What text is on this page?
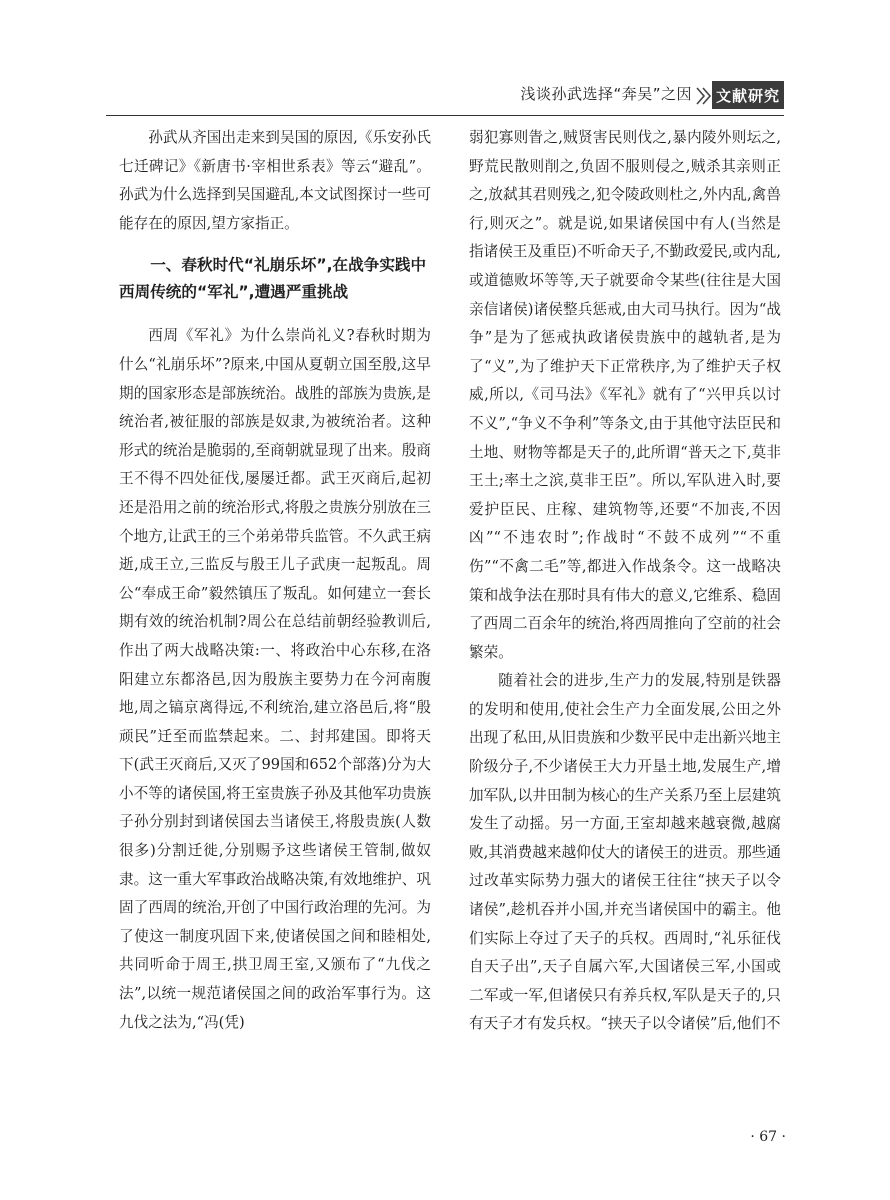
浅谈孙武选择“奔吴”之因 文献研究

孙武从齐国出走来到吴国的原因,《乐安孙氏七迁碑记》《新唐书·宰相世系表》等云“避乱”。孙武为什么选择到吴国避乱,本文试图探讨一些可能存在的原因,望方家指正。

一、春秋时代“礼崩乐坏”,在战争实践中西周传统的“军礼”,遭遇严重挑战

西周《军礼》为什么崇尚礼义?春秋时期为什么“礼崩乐坏”?原来,中国从夏朝立国至殷,这早期的国家形态是部族统治。战胜的部族为贵族,是统治者,被征服的部族是奴隶,为被统治者。这种形式的统治是脆弱的,至商朝就显现了出来。殷商王不得不四处征伐,屡屡迁都。武王灭商后,起初还是沿用之前的统治形式,将殷之贵族分别放在三个地方,让武王的三个弟弟带兵监管。不久武王病逝,成王立,三监反与殷王儿子武庚一起叛乱。周公“奉成王命”毅然镇压了叛乱。如何建立一套长期有效的统治机制?周公在总结前朝经验教训后,作出了两大战略决策:一、将政治中心东移,在洛阳建立东都洛邑,因为殷族主要势力在今河南腹地,周之镐京离得远,不利统治,建立洛邑后,将“殷顽民”迁至而监禁起来。二、封邦建国。即将天下(武王灭商后,又灭了99国和652个部落)分为大小不等的诸侯国,将王室贵族子孙及其他军功贵族子孙分别封到诸侯国去当诸侯王,将殷贵族(人数很多)分割迁徙,分别赐予这些诸侯王管制,做奴隶。这一重大军事政治战略决策,有效地维护、巩固了西周的统治,开创了中国行政治理的先河。为了使这一制度巩固下来,使诸侯国之间和睦相处,共同听命于周王,拱卫周王室,又颁布了“九伐之法”,以统一规范诸侯国之间的政治军事行为。这九伐之法为,“冯(凭)

弱犯寡则眚之,贼贤害民则伐之,暴内陵外则坛之,野荒民散则削之,负固不服则侵之,贼杀其亲则正之,放弑其君则残之,犯令陵政则杜之,外内乱,禽兽行,则灭之”。就是说,如果诸侯国中有人(当然是指诸侯王及重臣)不听命天子,不勤政爱民,或内乱,或道德败坏等等,天子就要命令某些(往往是大国亲信诸侯)诸侯整兵惩戒,由大司马执行。因为“战争”是为了惩戒执政诸侯贵族中的越轨者,是为了“义”,为了维护天下正常秩序,为了维护天子权威,所以,《司马法》《军礼》就有了“兴甲兵以讨不义”,“争义不争利”等条文,由于其他守法臣民和土地、财物等都是天子的,此所谓“普天之下,莫非王土;率土之滨,莫非王臣”。所以,军队进入时,要爱护臣民、庄稼、建筑物等,还要“不加丧,不因凶”“不违农时”;作战时“不鼓不成列”“不重伤”“不禽二毛”等,都进入作战条令。这一战略决策和战争法在那时具有伟大的意义,它维系、稳固了西周二百余年的统治,将西周推向了空前的社会繁荣。

随着社会的进步,生产力的发展,特别是铁器的发明和使用,使社会生产力全面发展,公田之外出现了私田,从旧贵族和少数平民中走出新兴地主阶级分子,不少诸侯王大力开垦土地,发展生产,增加军队,以井田制为核心的生产关系乃至上层建筑发生了动摇。另一方面,王室却越来越衰微,越腐败,其消费越来越仰仗大的诸侯王的进贡。那些通过改革实际势力强大的诸侯王往往“挟天子以令诸侯”,趁机吞并小国,并充当诸侯国中的霸主。他们实际上夺过了天子的兵权。西周时,“礼乐征伐自天子出”,天子自属六军,大国诸侯三军,小国或二军或一军,但诸侯只有养兵权,军队是天子的,只有天子才有发兵权。“挟天子以令诸侯”后,他们不

· 67 ·
